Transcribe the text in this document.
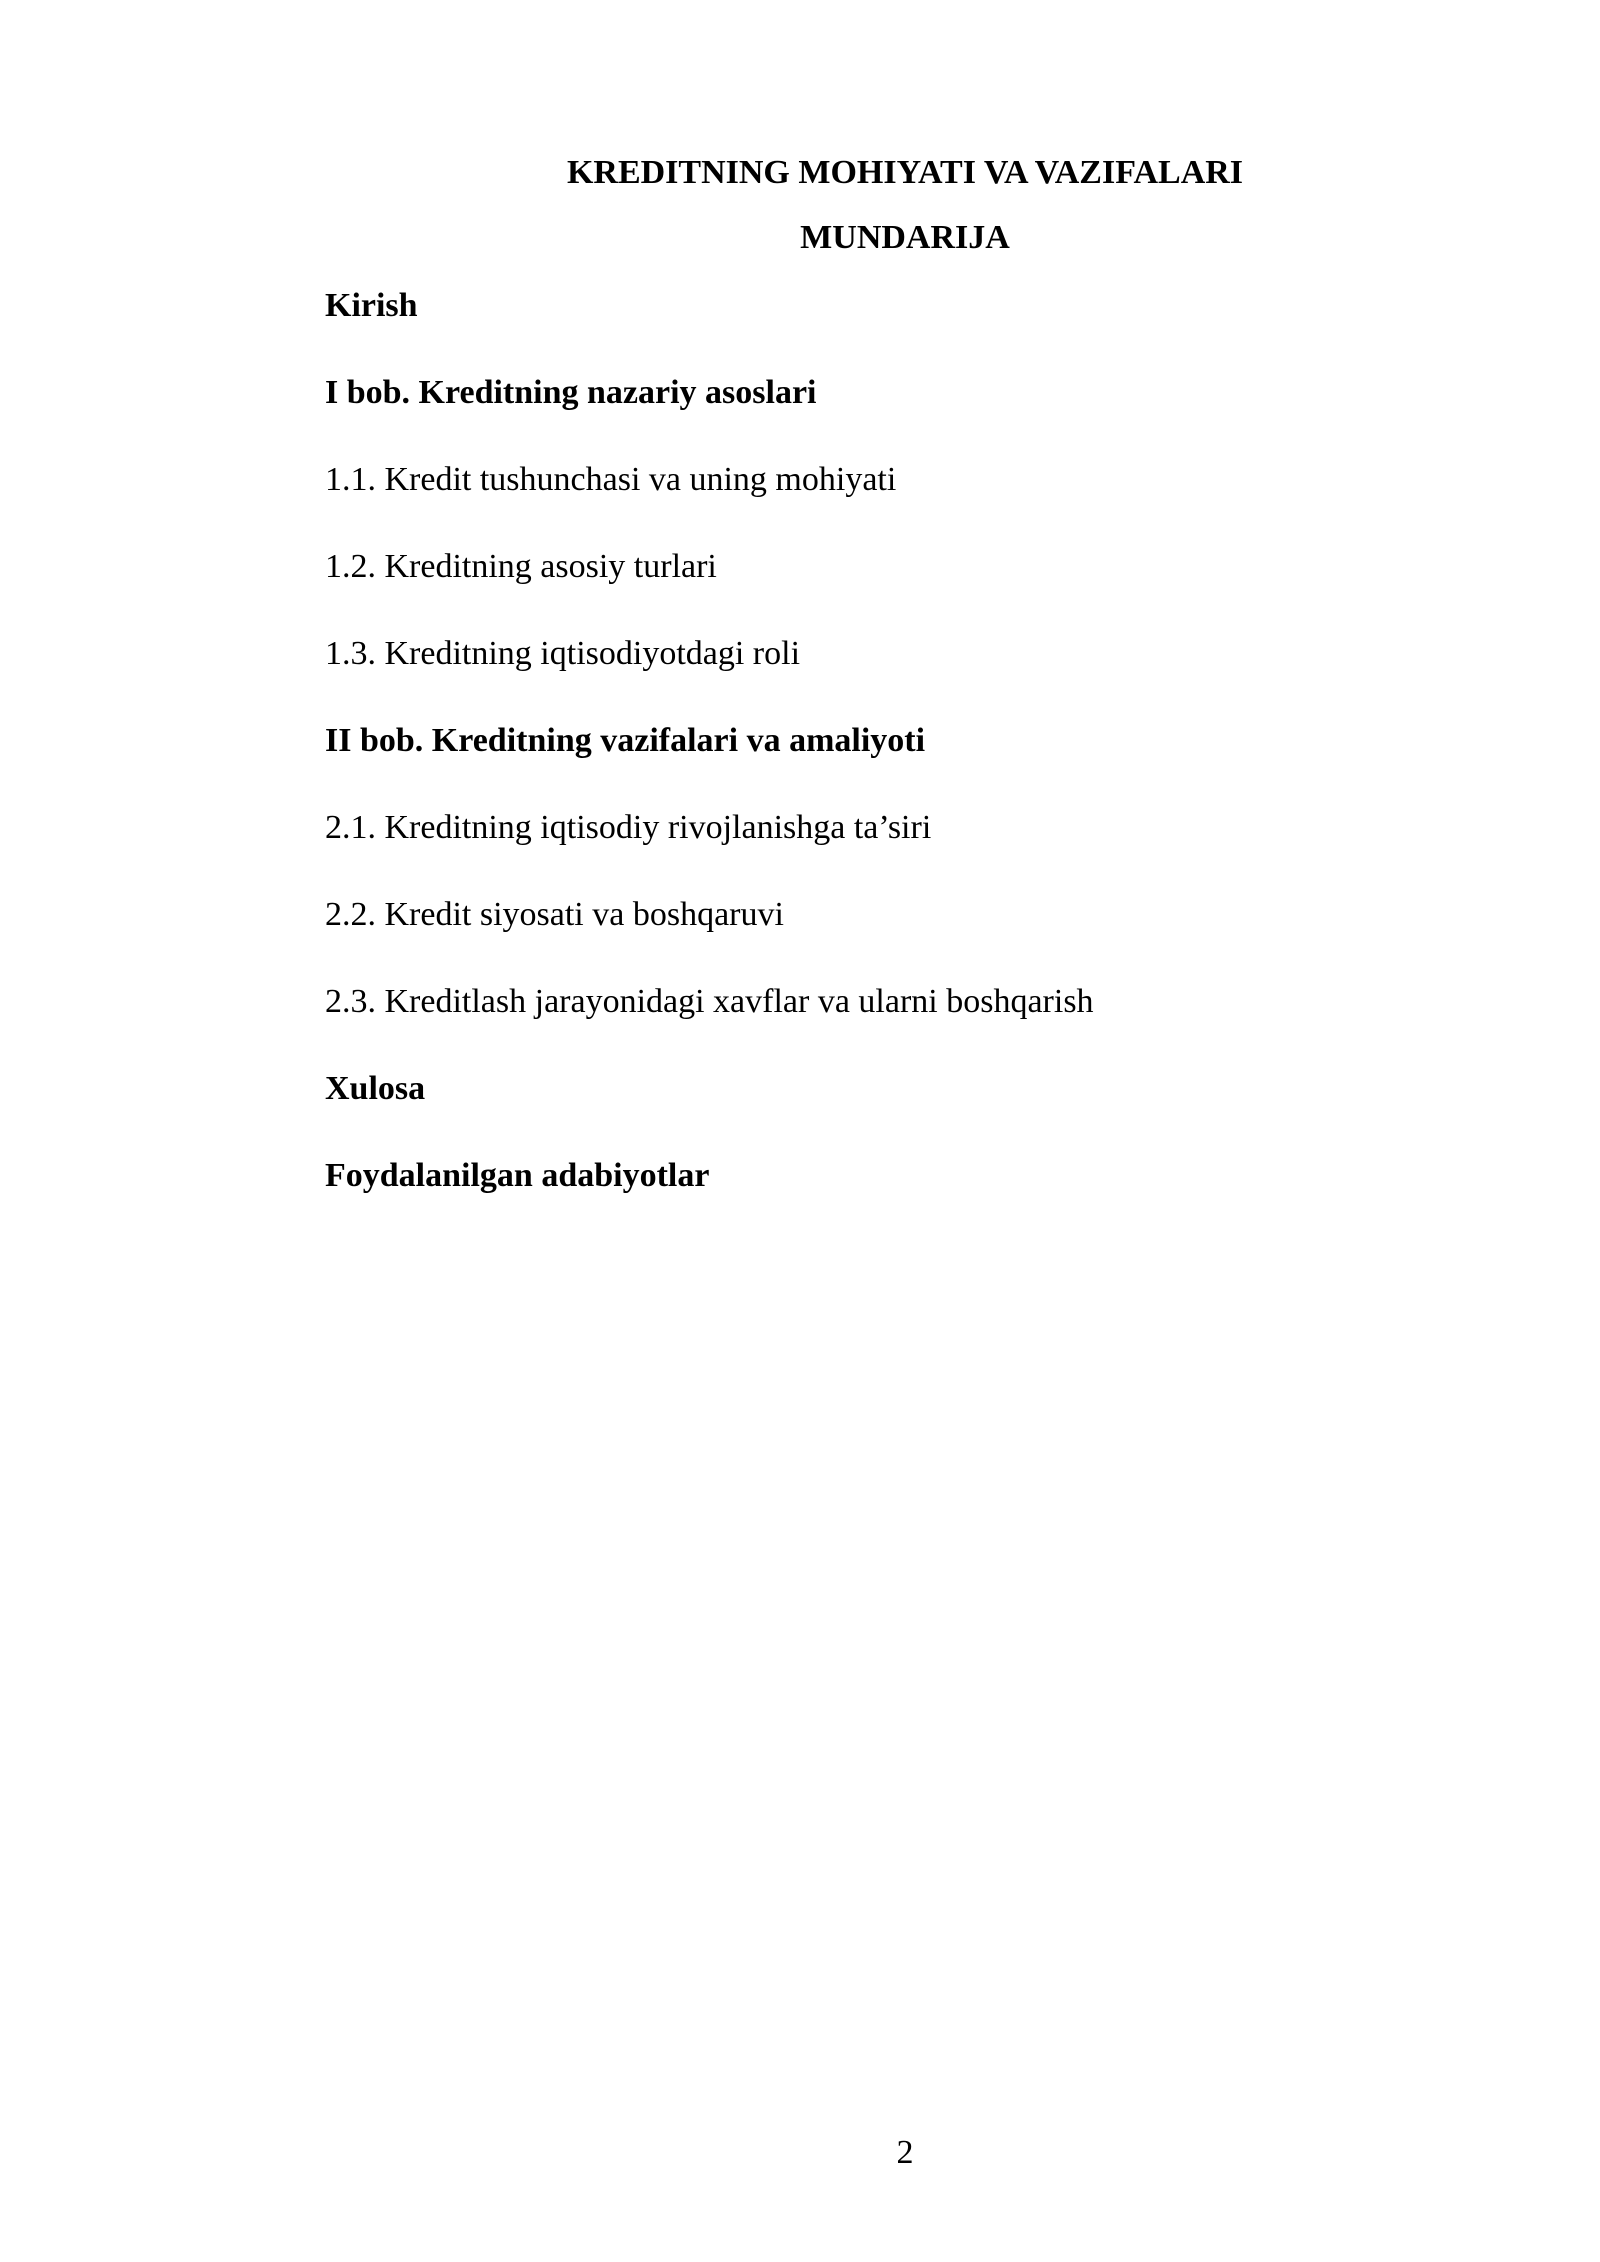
KREDITNING MOHIYATI VA VAZIFALARI
MUNDARIJA
Kirish
I bob. Kreditning nazariy asoslari
1.1. Kredit tushunchasi va uning mohiyati
1.2. Kreditning asosiy turlari
1.3. Kreditning iqtisodiyotdagi roli
II bob. Kreditning vazifalari va amaliyoti
2.1. Kreditning iqtisodiy rivojlanishga ta’siri
2.2. Kredit siyosati va boshqaruvi
2.3. Kreditlash jarayonidagi xavflar va ularni boshqarish
Xulosa
Foydalanilgan adabiyotlar
2
